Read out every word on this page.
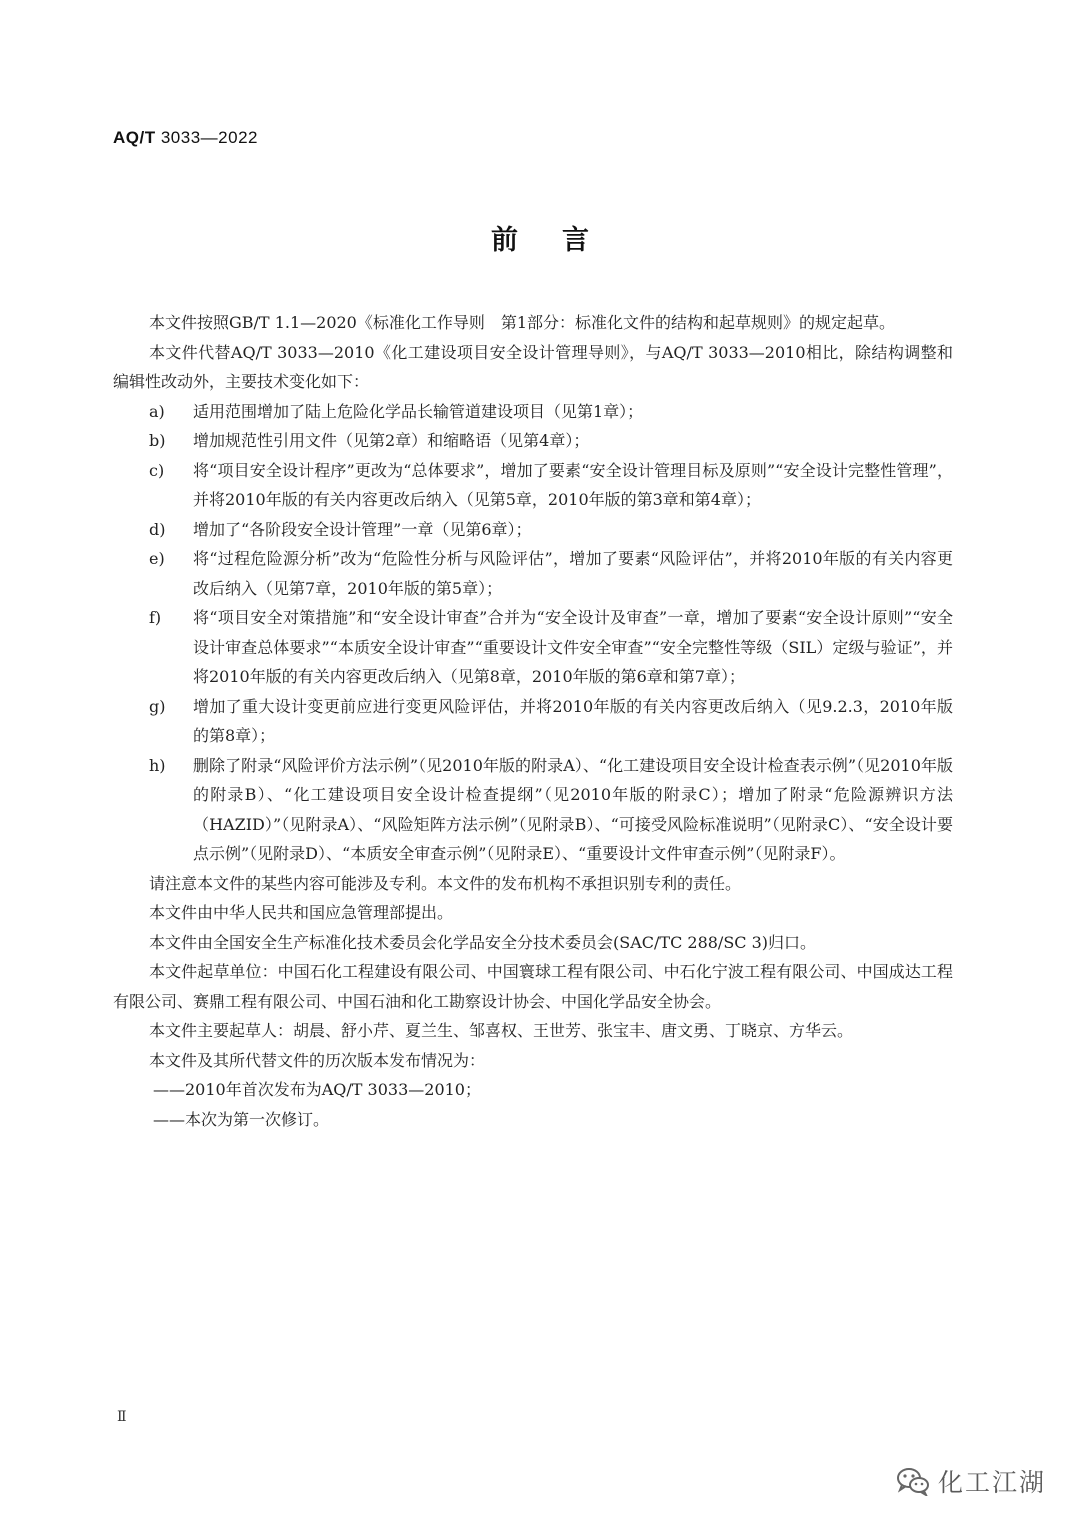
AQ/T 3033—2022
前言

本文件按照GB/T 1.1—2020《标准化工作导则　第1部分：标准化文件的结构和起草规则》的规定起草。

本文件代替AQ/T 3033—2010《化工建设项目安全设计管理导则》，与AQ/T 3033—2010相比，除结构调整和编辑性改动外，主要技术变化如下：

a)	适用范围增加了陆上危险化学品长输管道建设项目（见第1章）；
b)	增加规范性引用文件（见第2章）和缩略语（见第4章）；
c)	将“项目安全设计程序”更改为“总体要求”，增加了要素“安全设计管理目标及原则”“安全设计完整性管理”，并将2010年版的有关内容更改后纳入（见第5章，2010年版的第3章和第4章）；
d)	增加了“各阶段安全设计管理”一章（见第6章）；
e)	将“过程危险源分析”改为“危险性分析与风险评估”，增加了要素“风险评估”，并将2010年版的有关内容更改后纳入（见第7章，2010年版的第5章）；
f)	将“项目安全对策措施”和“安全设计审查”合并为“安全设计及审查”一章，增加了要素“安全设计原则”“安全设计审查总体要求”“本质安全设计审查”“重要设计文件安全审查”“安全完整性等级（SIL）定级与验证”，并将2010年版的有关内容更改后纳入（见第8章，2010年版的第6章和第7章）；
g)	增加了重大设计变更前应进行变更风险评估，并将2010年版的有关内容更改后纳入（见9.2.3，2010年版的第8章）；
h)	删除了附录“风险评价方法示例”（见2010年版的附录A）、“化工建设项目安全设计检查表示例”（见2010年版的附录B）、“化工建设项目安全设计检查提纲”（见2010年版的附录C）；增加了附录“危险源辨识方法（HAZID）”（见附录A）、“风险矩阵方法示例”（见附录B）、“可接受风险标准说明”（见附录C）、“安全设计要点示例”（见附录D）、“本质安全审查示例”（见附录E）、“重要设计文件审查示例”（见附录F）。

请注意本文件的某些内容可能涉及专利。本文件的发布机构不承担识别专利的责任。

本文件由中华人民共和国应急管理部提出。

本文件由全国安全生产标准化技术委员会化学品安全分技术委员会(SAC/TC 288/SC 3)归口。

本文件起草单位：中国石化工程建设有限公司、中国寰球工程有限公司、中石化宁波工程有限公司、中国成达工程有限公司、赛鼎工程有限公司、中国石油和化工勘察设计协会、中国化学品安全协会。

本文件主要起草人：胡晨、舒小芹、夏兰生、邹喜权、王世芳、张宝丰、唐文勇、丁晓京、方华云。

本文件及其所代替文件的历次版本发布情况为：

——2010年首次发布为AQ/T 3033—2010；

——本次为第一次修订。

Ⅱ
化工江湖
